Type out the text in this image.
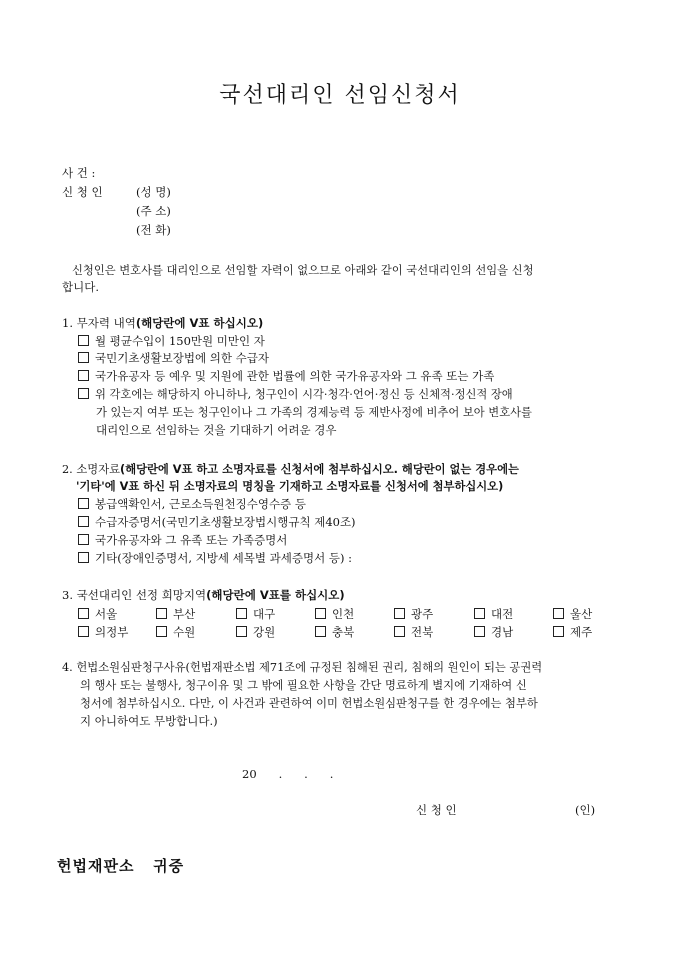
국선대리인 선임신청서
사 건 :
신 청 인	(성 명)
(주 소)
(전 화)
신청인은 변호사를 대리인으로 선임할 자력이 없으므로 아래와 같이 국선대리인의 선임을 신청
합니다.
1. 무자력 내역(해당란에 V표 하십시오)
월 평균수입이 150만원 미만인 자
국민기초생활보장법에 의한 수급자
국가유공자 등 예우 및 지원에 관한 법률에 의한 국가유공자와 그 유족 또는 가족
위 각호에는 해당하지 아니하나, 청구인이 시각·청각·언어·정신 등 신체적·정신적 장애
가 있는지 여부 또는 청구인이나 그 가족의 경제능력 등 제반사정에 비추어 보아 변호사를
대리인으로 선임하는 것을 기대하기 어려운 경우
2. 소명자료(해당란에 V표 하고 소명자료를 신청서에 첨부하십시오. 해당란이 없는 경우에는
'기타'에 V표 하신 뒤 소명자료의 명칭을 기재하고 소명자료를 신청서에 첨부하십시오)
봉급액확인서, 근로소득원천징수영수증 등
수급자증명서(국민기초생활보장법시행규칙 제40조)
국가유공자와 그 유족 또는 가족증명서
기타(장애인증명서, 지방세 세목별 과세증명서 등) :
3. 국선대리인 선정 희망지역(해당란에 V표를 하십시오)
서울	부산	대구	인천	광주	대전	울산
의정부	수원	강원	충북	전북	경남	제주
4. 헌법소원심판청구사유(헌법재판소법 제71조에 규정된 침해된 권리, 침해의 원인이 되는 공권력
의 행사 또는 불행사, 청구이유 및 그 밖에 필요한 사항을 간단 명료하게 별지에 기재하여 신
청서에 첨부하십시오. 다만, 이 사건과 관련하여 이미 헌법소원심판청구를 한 경우에는 첨부하
지 아니하여도 무방합니다.)
20      .      .      .
신 청 인	(인)
헌법재판소   귀중
